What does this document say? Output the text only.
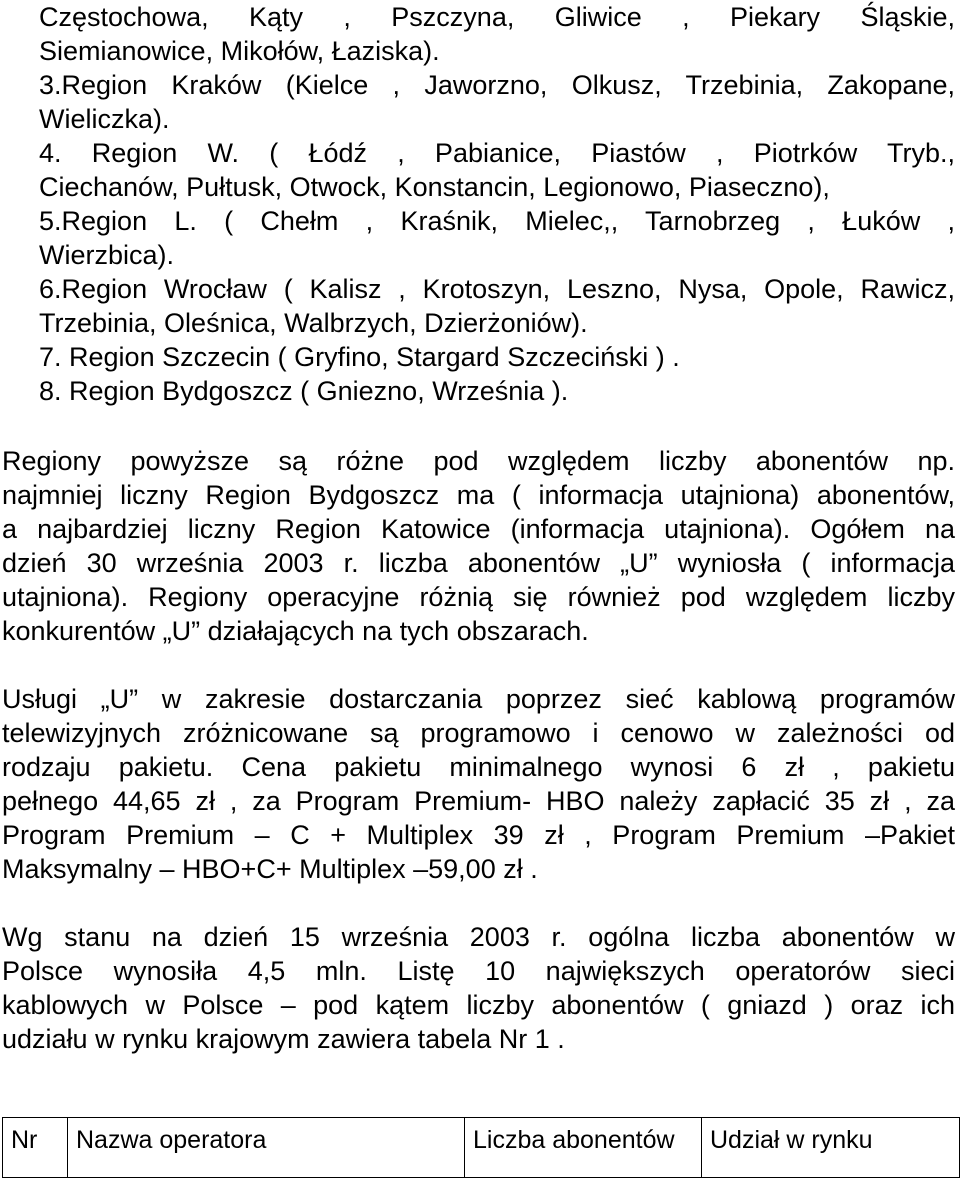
Częstochowa, Kąty , Pszczyna, Gliwice , Piekary Śląskie,
Siemianowice, Mikołów, Łaziska).
3.Region Kraków (Kielce , Jaworzno, Olkusz, Trzebinia, Zakopane,
Wieliczka).
4. Region W. ( Łódź , Pabianice, Piastów , Piotrków Tryb.,
Ciechanów, Pułtusk, Otwock, Konstancin, Legionowo, Piaseczno),
5.Region L. ( Chełm , Kraśnik, Mielec,, Tarnobrzeg , Łuków ,
Wierzbica).
6.Region Wrocław ( Kalisz , Krotoszyn, Leszno, Nysa, Opole, Rawicz,
Trzebinia, Oleśnica, Walbrzych, Dzierżoniów).
7. Region Szczecin ( Gryfino, Stargard Szczeciński ) .
8. Region Bydgoszcz ( Gniezno, Września ).
Regiony powyższe są różne pod względem liczby abonentów np.
najmniej liczny Region Bydgoszcz ma ( informacja utajniona) abonentów,
a najbardziej liczny Region Katowice (informacja utajniona). Ogółem na
dzień 30 września 2003 r. liczba abonentów „U” wyniosła ( informacja
utajniona). Regiony operacyjne różnią się również pod względem liczby
konkurentów „U” działających na tych obszarach.
Usługi „U” w zakresie dostarczania poprzez sieć kablową programów
telewizyjnych zróżnicowane są programowo i cenowo w zależności od
rodzaju pakietu. Cena pakietu minimalnego wynosi 6 zł , pakietu
pełnego 44,65 zł , za Program Premium- HBO należy zapłacić 35 zł , za
Program Premium – C + Multiplex 39 zł , Program Premium –Pakiet
Maksymalny – HBO+C+ Multiplex –59,00 zł .
Wg stanu na dzień 15 września 2003 r. ogólna liczba abonentów w
Polsce wynosiła 4,5 mln. Listę 10 największych operatorów sieci
kablowych w Polsce – pod kątem liczby abonentów ( gniazd ) oraz ich
udziału w rynku krajowym zawiera tabela Nr 1 .
Nr	Nazwa operatora	Liczba abonentów	Udział w rynku
